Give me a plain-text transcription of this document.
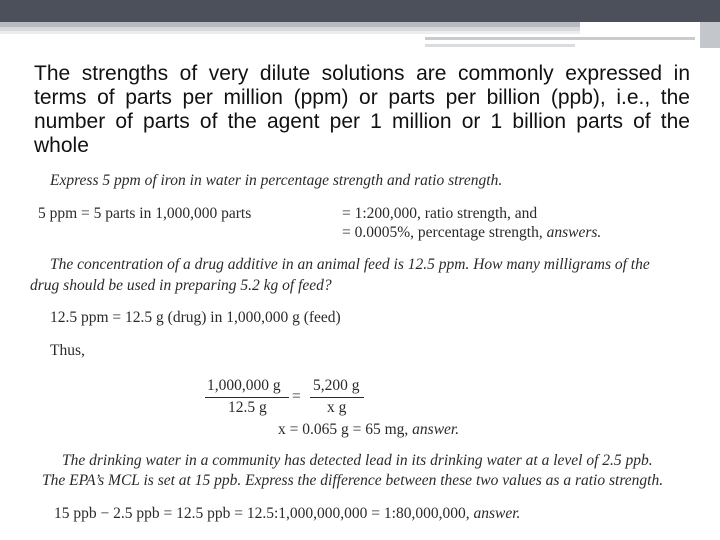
The strengths of very dilute solutions are commonly expressed in terms of parts per million (ppm) or parts per billion (ppb), i.e., the number of parts of the agent per 1 million or 1 billion parts of the whole

Express 5 ppm of iron in water in percentage strength and ratio strength.

5 ppm = 5 parts in 1,000,000 parts	= 1:200,000, ratio strength, and

= 0.0005%, percentage strength, answers.

The concentration of a drug additive in an animal feed is 12.5 ppm. How many milligrams of the

drug should be used in preparing 5.2 kg of feed?

12.5 ppm = 12.5 g (drug) in 1,000,000 g (feed)

Thus,

1,000,000 g

12.5 g

=

5,200 g

x g

x = 0.065 g = 65 mg, answer.

The drinking water in a community has detected lead in its drinking water at a level of 2.5 ppb.

The EPA’s MCL is set at 15 ppb. Express the difference between these two values as a ratio strength.

15 ppb − 2.5 ppb = 12.5 ppb = 12.5:1,000,000,000 = 1:80,000,000, answer.
